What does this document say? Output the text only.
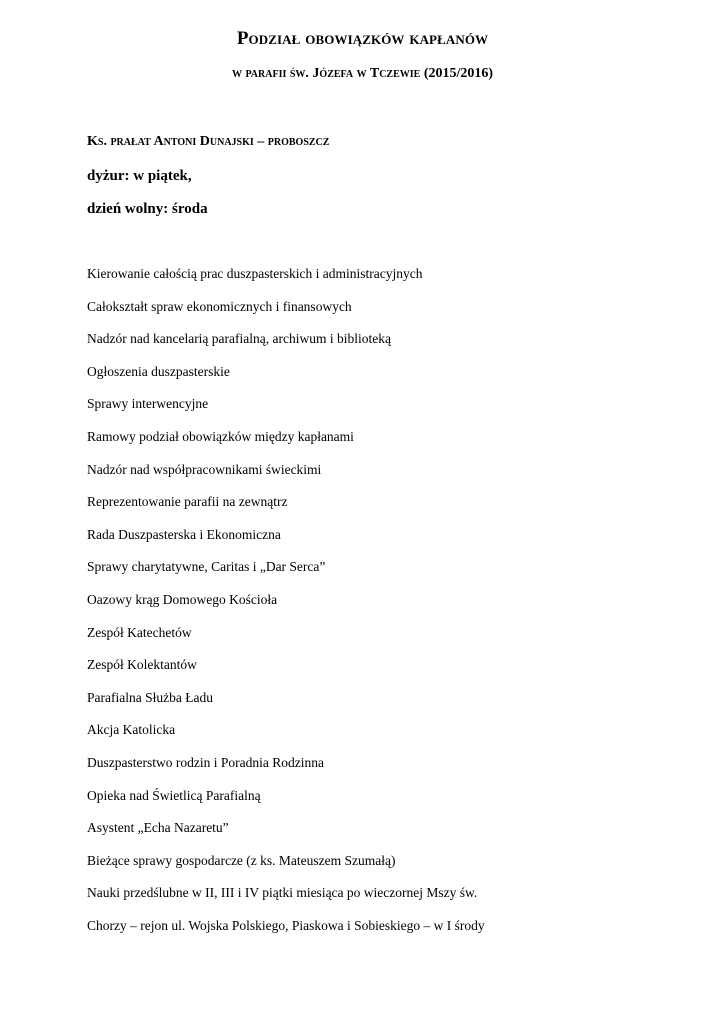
Podział obowiązków kapłanów
w parafii św. Józefa w Tczewie (2015/2016)
Ks. prałat Antoni Dunajski – proboszcz
dyżur: w piątek,
dzień wolny: środa
Kierowanie całością prac duszpasterskich i administracyjnych
Całokształt spraw ekonomicznych i finansowych
Nadzór nad kancelarią parafialną, archiwum i biblioteką
Ogłoszenia duszpasterskie
Sprawy interwencyjne
Ramowy podział obowiązków między kapłanami
Nadzór nad współpracownikami świeckimi
Reprezentowanie parafii na zewnątrz
Rada Duszpasterska i Ekonomiczna
Sprawy charytatywne, Caritas i „Dar Serca”
Oazowy krąg Domowego Kościoła
Zespół Katechetów
Zespół Kolektantów
Parafialna Służba Ładu
Akcja Katolicka
Duszpasterstwo rodzin i Poradnia Rodzinna
Opieka nad Świetlicą Parafialną
Asystent „Echa Nazaretu”
Bieżące sprawy gospodarcze (z ks. Mateuszem Szumałą)
Nauki przedślubne w II, III i IV piątki miesiąca po wieczornej Mszy św.
Chorzy – rejon ul. Wojska Polskiego, Piaskowa i Sobieskiego – w I środy
